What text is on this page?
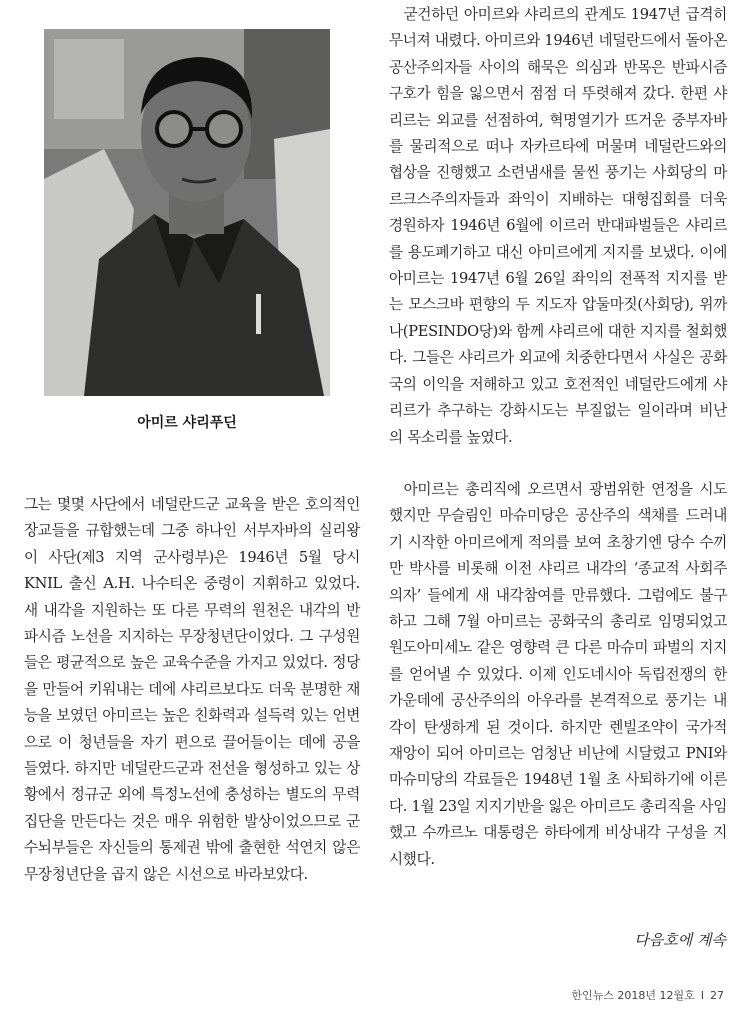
아미르 샤리푸딘

굳건하던 아미르와 샤리르의 관계도 1947년 급격히 무너져 내렸다. 아미르와 1946년 네덜란드에서 돌아온 공산주의자들 사이의 해묵은 의심과 반목은 반파시즘 구호가 힘을 잃으면서 점점 더 뚜렷해져 갔다. 한편 샤리르는 외교를 선점하여, 혁명열기가 뜨거운 중부자바를 물리적으로 떠나 자카르타에 머물며 네덜란드와의 협상을 진행했고 소련냄새를 물씬 풍기는 사회당의 마르크스주의자들과 좌익이 지배하는 대형집회를 더욱 경원하자 1946년 6월에 이르러 반대파벌들은 샤리르를 용도폐기하고 대신 아미르에게 지지를 보냈다. 이에 아미르는 1947년 6월 26일 좌익의 전폭적 지지를 받는 모스크바 편향의 두 지도자 압둘마짓(사회당), 위까나(PESINDO당)와 함께 샤리르에 대한 지지를 철회했다. 그들은 샤리르가 외교에 치중한다면서 사실은 공화국의 이익을 저해하고 있고 호전적인 네덜란드에게 샤리르가 추구하는 강화시도는 부질없는 일이라며 비난의 목소리를 높였다.

아미르는 총리직에 오르면서 광범위한 연정을 시도했지만 무슬림인 마슈미당은 공산주의 색채를 드러내기 시작한 아미르에게 적의를 보여 초창기엔 당수 수끼만 박사를 비롯해 이전 샤리르 내각의 ‘종교적 사회주의자’ 들에게 새 내각참여를 만류했다. 그럼에도 불구하고 그해 7월 아미르는 공화국의 총리로 임명되었고 원도아미세노 같은 영향력 큰 다른 마슈미 파벌의 지지를 얻어낼 수 있었다. 이제 인도네시아 독립전쟁의 한가운데에 공산주의의 아우라를 본격적으로 풍기는 내각이 탄생하게 된 것이다. 하지만 렌빌조약이 국가적 재앙이 되어 아미르는 엄청난 비난에 시달렸고 PNI와 마슈미당의 각료들은 1948년 1월 초 사퇴하기에 이른다. 1월 23일 지지기반을 잃은 아미르도 총리직을 사임했고 수까르노 대통령은 하타에게 비상내각 구성을 지시했다.

그는 몇몇 사단에서 네덜란드군 교육을 받은 호의적인 장교들을 규합했는데 그중 하나인 서부자바의 실리왕이 사단(제3 지역 군사령부)은 1946년 5월 당시 KNIL 출신 A.H. 나수티온 중령이 지휘하고 있었다. 새 내각을 지원하는 또 다른 무력의 원천은 내각의 반파시즘 노선을 지지하는 무장청년단이었다. 그 구성원들은 평균적으로 높은 교육수준을 가지고 있었다. 정당을 만들어 키워내는 데에 샤리르보다도 더욱 분명한 재능을 보였던 아미르는 높은 친화력과 설득력 있는 언변으로 이 청년들을 자기 편으로 끌어들이는 데에 공을 들였다. 하지만 네덜란드군과 전선을 형성하고 있는 상황에서 정규군 외에 특정노선에 충성하는 별도의 무력집단을 만든다는 것은 매우 위험한 발상이었으므로 군수뇌부들은 자신들의 통제권 밖에 출현한 석연치 않은 무장청년단을 곱지 않은 시선으로 바라보았다.

다음호에 계속
한인뉴스 2018년 12월호 I 27
